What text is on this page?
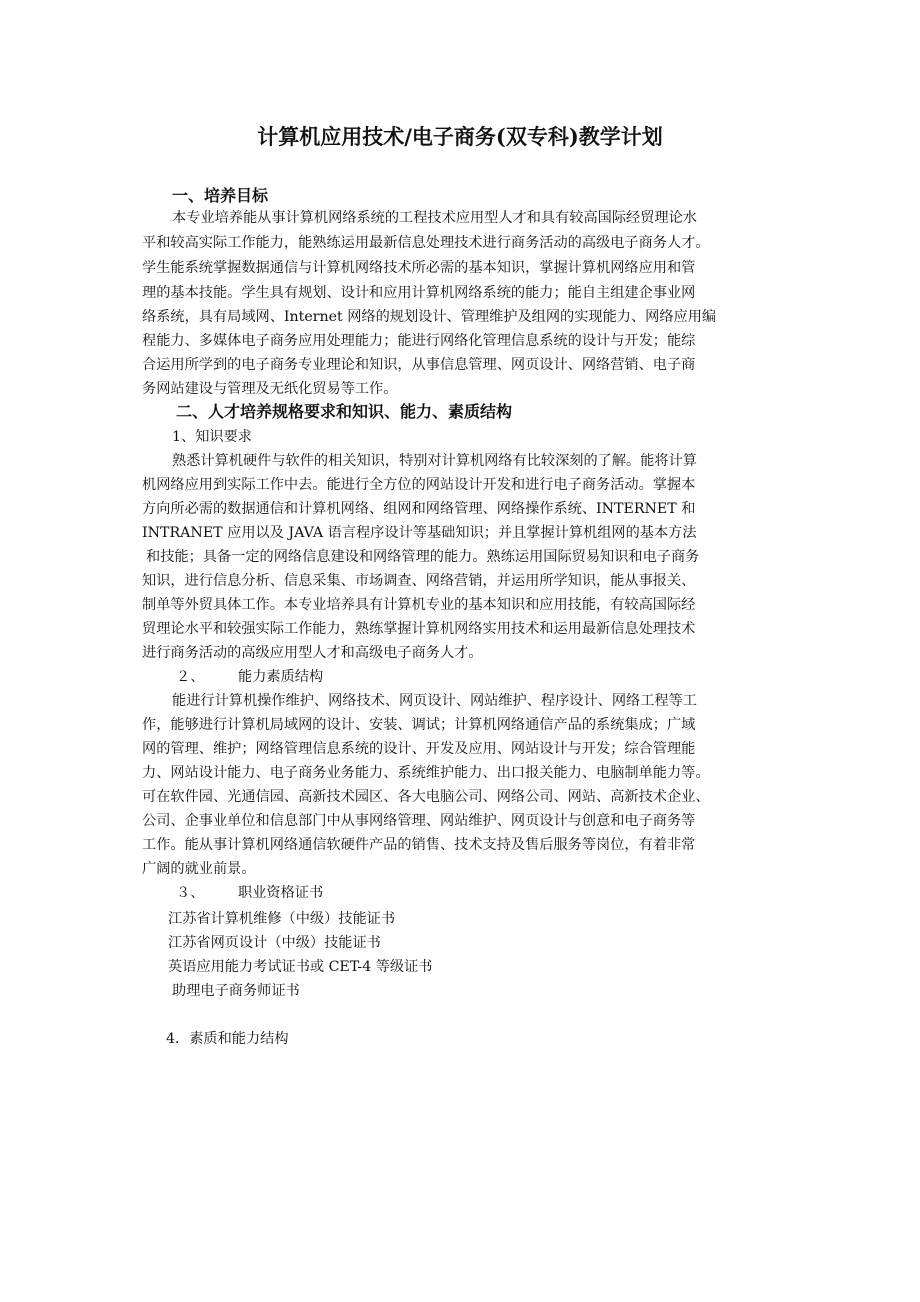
计算机应用技术/电子商务(双专科)教学计划
一、培养目标
本专业培养能从事计算机网络系统的工程技术应用型人才和具有较高国际经贸理论水
平和较高实际工作能力，能熟练运用最新信息处理技术进行商务活动的高级电子商务人才。
学生能系统掌握数据通信与计算机网络技术所必需的基本知识，掌握计算机网络应用和管
理的基本技能。学生具有规划、设计和应用计算机网络系统的能力；能自主组建企事业网
络系统，具有局域网、Internet 网络的规划设计、管理维护及组网的实现能力、网络应用编
程能力、多媒体电子商务应用处理能力；能进行网络化管理信息系统的设计与开发；能综
合运用所学到的电子商务专业理论和知识，从事信息管理、网页设计、网络营销、电子商
务网站建设与管理及无纸化贸易等工作。
二、人才培养规格要求和知识、能力、素质结构
1、知识要求
熟悉计算机硬件与软件的相关知识，特别对计算机网络有比较深刻的了解。能将计算
机网络应用到实际工作中去。能进行全方位的网站设计开发和进行电子商务活动。掌握本
方向所必需的数据通信和计算机网络、组网和网络管理、网络操作系统、INTERNET 和
INTRANET 应用以及 JAVA 语言程序设计等基础知识；并且掌握计算机组网的基本方法
和技能；具备一定的网络信息建设和网络管理的能力。熟练运用国际贸易知识和电子商务
知识，进行信息分析、信息采集、市场调查、网络营销，并运用所学知识，能从事报关、
制单等外贸具体工作。本专业培养具有计算机专业的基本知识和应用技能，有较高国际经
贸理论水平和较强实际工作能力，熟练掌握计算机网络实用技术和运用最新信息处理技术
进行商务活动的高级应用型人才和高级电子商务人才。
２、 能力素质结构
能进行计算机操作维护、网络技术、网页设计、网站维护、程序设计、网络工程等工
作，能够进行计算机局域网的设计、安装、调试；计算机网络通信产品的系统集成；广域
网的管理、维护；网络管理信息系统的设计、开发及应用、网站设计与开发；综合管理能
力、网站设计能力、电子商务业务能力、系统维护能力、出口报关能力、电脑制单能力等。
可在软件园、光通信园、高新技术园区、各大电脑公司、网络公司、网站、高新技术企业、
公司、企事业单位和信息部门中从事网络管理、网站维护、网页设计与创意和电子商务等
工作。能从事计算机网络通信软硬件产品的销售、技术支持及售后服务等岗位，有着非常
广阔的就业前景。
３、 职业资格证书
江苏省计算机维修（中级）技能证书
江苏省网页设计（中级）技能证书
英语应用能力考试证书或 CET-4 等级证书
助理电子商务师证书
4．素质和能力结构
